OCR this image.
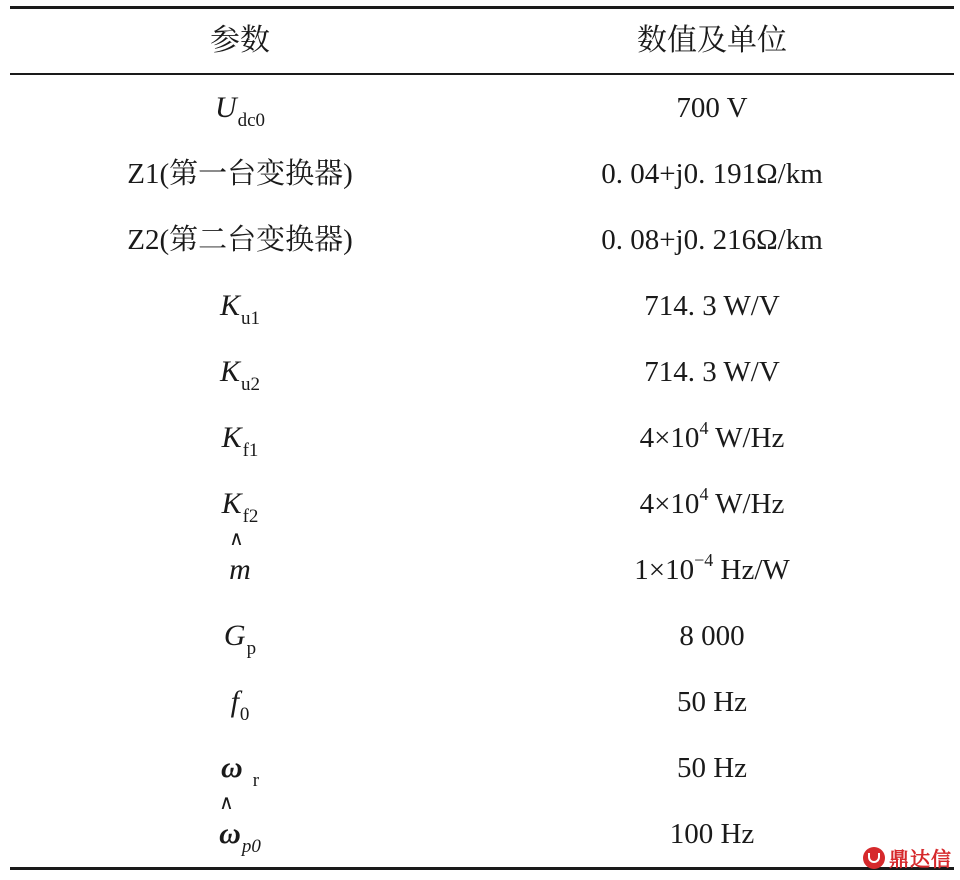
参数	数值及单位
$U_{dc0}$	700 V
Z1(第一台变换器)	0. 04+j0. 191Ω/km
Z2(第二台变换器)	0. 08+j0. 216Ω/km
$K_{u1}$	714. 3 W/V
$K_{u2}$	714. 3 W/V
$K_{f1}$	$4\times 10^4$ W/Hz
$K_{f2}$	$4\times 10^4$ W/Hz
∧
m	$1\times 10^{-4}$ Hz/W
$G_p$	8 000
$f_0$	50 Hz
ω $_r$	50 Hz
∧
$\omega_{p0}$	100 Hz
鼎达信
